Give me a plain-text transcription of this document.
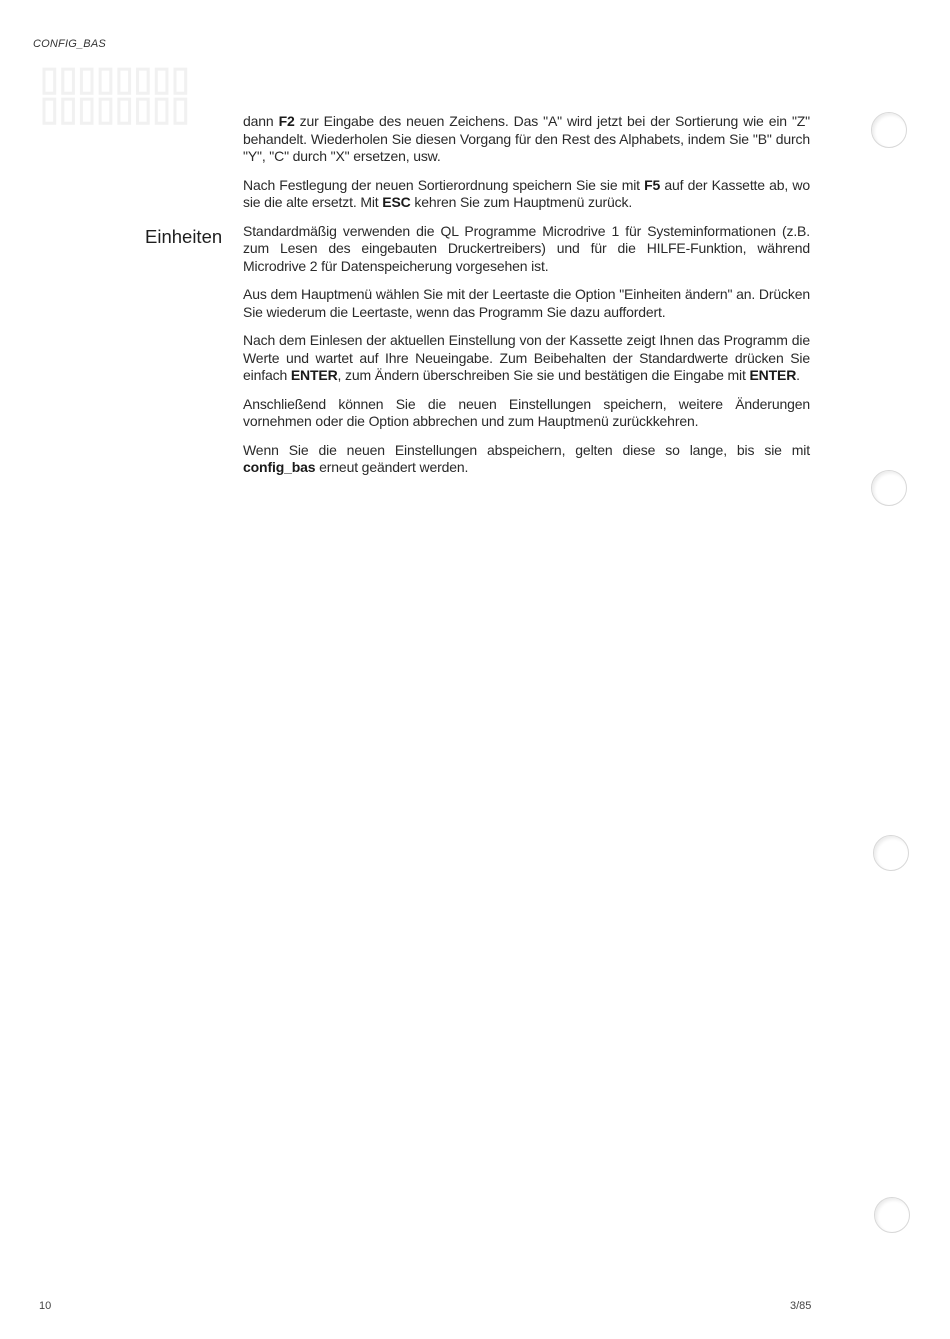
CONFIG_BAS
▯▯▯▯▯▯▯▯
▯▯▯▯▯▯▯▯
Einheiten

dann F2 zur Eingabe des neuen Zeichens. Das "A" wird jetzt bei der Sortierung wie ein "Z" behandelt. Wiederholen Sie diesen Vorgang für den Rest des Alphabets, indem Sie "B" durch "Y", "C" durch "X" ersetzen, usw.

Nach Festlegung der neuen Sortierordnung speichern Sie sie mit F5 auf der Kassette ab, wo sie die alte ersetzt. Mit ESC kehren Sie zum Hauptmenü zurück.

Standardmäßig verwenden die QL Programme Microdrive 1 für Systeminformationen (z.B. zum Lesen des eingebauten Druckertreibers) und für die HILFE-Funktion, während Microdrive 2 für Datenspeicherung vorgesehen ist.

Aus dem Hauptmenü wählen Sie mit der Leertaste die Option "Einheiten ändern" an. Drücken Sie wiederum die Leertaste, wenn das Programm Sie dazu auffordert.

Nach dem Einlesen der aktuellen Einstellung von der Kassette zeigt Ihnen das Programm die Werte und wartet auf Ihre Neueingabe. Zum Beibehalten der Standardwerte drücken Sie einfach ENTER, zum Ändern überschreiben Sie sie und bestätigen die Eingabe mit ENTER.

Anschließend können Sie die neuen Einstellungen speichern, weitere Änderungen vornehmen oder die Option abbrechen und zum Hauptmenü zurückkehren.

Wenn Sie die neuen Einstellungen abspeichern, gelten diese so lange, bis sie mit config_bas erneut geändert werden.

10	3/85
